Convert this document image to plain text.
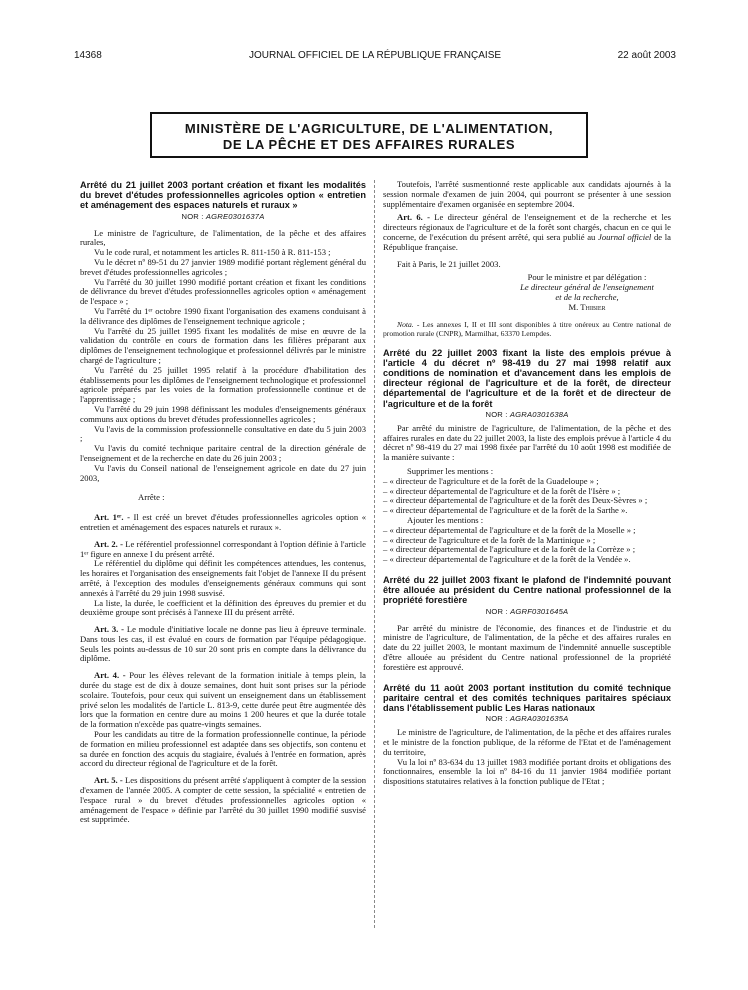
14368	JOURNAL OFFICIEL DE LA RÉPUBLIQUE FRANÇAISE	22 août 2003
MINISTÈRE DE L'AGRICULTURE, DE L'ALIMENTATION,
DE LA PÊCHE ET DES AFFAIRES RURALES

Arrêté du 21 juillet 2003 portant création et fixant les modalités du brevet d'études professionnelles agricoles option « entretien et aménagement des espaces naturels et ruraux »

NOR : AGRE0301637A

Le ministre de l'agriculture, de l'alimentation, de la pêche et des affaires rurales,

Vu le code rural, et notamment les articles R. 811-150 à R. 811-153 ;

Vu le décret nº 89-51 du 27 janvier 1989 modifié portant règlement général du brevet d'études professionnelles agricoles ;

Vu l'arrêté du 30 juillet 1990 modifié portant création et fixant les conditions de délivrance du brevet d'études professionnelles agricoles option « aménagement de l'espace » ;

Vu l'arrêté du 1ᵉʳ octobre 1990 fixant l'organisation des examens conduisant à la délivrance des diplômes de l'enseignement technique agricole ;

Vu l'arrêté du 25 juillet 1995 fixant les modalités de mise en œuvre de la validation du contrôle en cours de formation dans les filières préparant aux diplômes de l'enseignement technologique et professionnel délivrés par le ministre chargé de l'agriculture ;

Vu l'arrêté du 25 juillet 1995 relatif à la procédure d'habilitation des établissements pour les diplômes de l'enseignement technologique et professionnel agricole préparés par les voies de la formation professionnelle continue et de l'apprentissage ;

Vu l'arrêté du 29 juin 1998 définissant les modules d'enseignements généraux communs aux options du brevet d'études professionnelles agricoles ;

Vu l'avis de la commission professionnelle consultative en date du 5 juin 2003 ;

Vu l'avis du comité technique paritaire central de la direction générale de l'enseignement et de la recherche en date du 26 juin 2003 ;

Vu l'avis du Conseil national de l'enseignement agricole en date du 27 juin 2003,

Arrête :

Art. 1ᵉʳ. - Il est créé un brevet d'études professionnelles agricoles option « entretien et aménagement des espaces naturels et ruraux ».

Art. 2. - Le référentiel professionnel correspondant à l'option définie à l'article 1ᵉʳ figure en annexe I du présent arrêté.

Le référentiel du diplôme qui définit les compétences attendues, les contenus, les horaires et l'organisation des enseignements fait l'objet de l'annexe II du présent arrêté, à l'exception des modules d'enseignements généraux communs qui sont annexés à l'arrêté du 29 juin 1998 susvisé.

La liste, la durée, le coefficient et la définition des épreuves du premier et du deuxième groupe sont précisés à l'annexe III du présent arrêté.

Art. 3. - Le module d'initiative locale ne donne pas lieu à épreuve terminale. Dans tous les cas, il est évalué en cours de formation par l'équipe pédagogique. Seuls les points au-dessus de 10 sur 20 sont pris en compte dans la délivrance du diplôme.

Art. 4. - Pour les élèves relevant de la formation initiale à temps plein, la durée du stage est de dix à douze semaines, dont huit sont prises sur la période scolaire. Toutefois, pour ceux qui suivent un enseignement dans un établissement privé selon les modalités de l'article L. 813-9, cette durée peut être augmentée dès lors que la formation en centre dure au moins 1 200 heures et que la durée totale de la formation n'excède pas quatre-vingts semaines.

Pour les candidats au titre de la formation professionnelle continue, la période de formation en milieu professionnel est adaptée dans ses objectifs, son contenu et sa durée en fonction des acquis du stagiaire, évalués à l'entrée en formation, après accord du directeur régional de l'agriculture et de la forêt.

Art. 5. - Les dispositions du présent arrêté s'appliquent à compter de la session d'examen de l'année 2005. A compter de cette session, la spécialité « entretien de l'espace rural » du brevet d'études professionnelles agricoles option « aménagement de l'espace » définie par l'arrêté du 30 juillet 1990 modifié susvisé est supprimée.

Toutefois, l'arrêté susmentionné reste applicable aux candidats ajournés à la session normale d'examen de juin 2004, qui pourront se présenter à une session supplémentaire d'examen organisée en septembre 2004.

Art. 6. - Le directeur général de l'enseignement et de la recherche et les directeurs régionaux de l'agriculture et de la forêt sont chargés, chacun en ce qui le concerne, de l'exécution du présent arrêté, qui sera publié au Journal officiel de la République française.

Fait à Paris, le 21 juillet 2003.

Pour le ministre et par délégation :

Le directeur général de l'enseignement

et de la recherche,

M. Thibier

Nota. - Les annexes I, II et III sont disponibles à titre onéreux au Centre national de promotion rurale (CNPR), Marmilhat, 63370 Lempdes.

Arrêté du 22 juillet 2003 fixant la liste des emplois prévue à l'article 4 du décret nº 98-419 du 27 mai 1998 relatif aux conditions de nomination et d'avancement dans les emplois de directeur régional de l'agriculture et de la forêt, de directeur départemental de l'agriculture et de la forêt et de directeur de l'agriculture et de la forêt

NOR : AGRA0301638A

Par arrêté du ministre de l'agriculture, de l'alimentation, de la pêche et des affaires rurales en date du 22 juillet 2003, la liste des emplois prévue à l'article 4 du décret nº 98-419 du 27 mai 1998 fixée par l'arrêté du 10 août 1998 est modifiée de la manière suivante :

Supprimer les mentions :

– « directeur de l'agriculture et de la forêt de la Guadeloupe » ;

– « directeur départemental de l'agriculture et de la forêt de l'Isère » ;

– « directeur départemental de l'agriculture et de la forêt des Deux-Sèvres » ;

– « directeur départemental de l'agriculture et de la forêt de la Sarthe ».

Ajouter les mentions :

– « directeur départemental de l'agriculture et de la forêt de la Moselle » ;

– « directeur de l'agriculture et de la forêt de la Martinique » ;

– « directeur départemental de l'agriculture et de la forêt de la Corrèze » ;

– « directeur départemental de l'agriculture et de la forêt de la Vendée ».

Arrêté du 22 juillet 2003 fixant le plafond de l'indemnité pouvant être allouée au président du Centre national professionnel de la propriété forestière

NOR : AGRF0301645A

Par arrêté du ministre de l'économie, des finances et de l'industrie et du ministre de l'agriculture, de l'alimentation, de la pêche et des affaires rurales en date du 22 juillet 2003, le montant maximum de l'indemnité annuelle susceptible d'être allouée au président du Centre national professionnel de la propriété forestière est approuvé.

Arrêté du 11 août 2003 portant institution du comité technique paritaire central et des comités techniques paritaires spéciaux dans l'établissement public Les Haras nationaux

NOR : AGRA0301635A

Le ministre de l'agriculture, de l'alimentation, de la pêche et des affaires rurales et le ministre de la fonction publique, de la réforme de l'Etat et de l'aménagement du territoire,

Vu la loi nº 83-634 du 13 juillet 1983 modifiée portant droits et obligations des fonctionnaires, ensemble la loi nº 84-16 du 11 janvier 1984 modifiée portant dispositions statutaires relatives à la fonction publique de l'Etat ;
